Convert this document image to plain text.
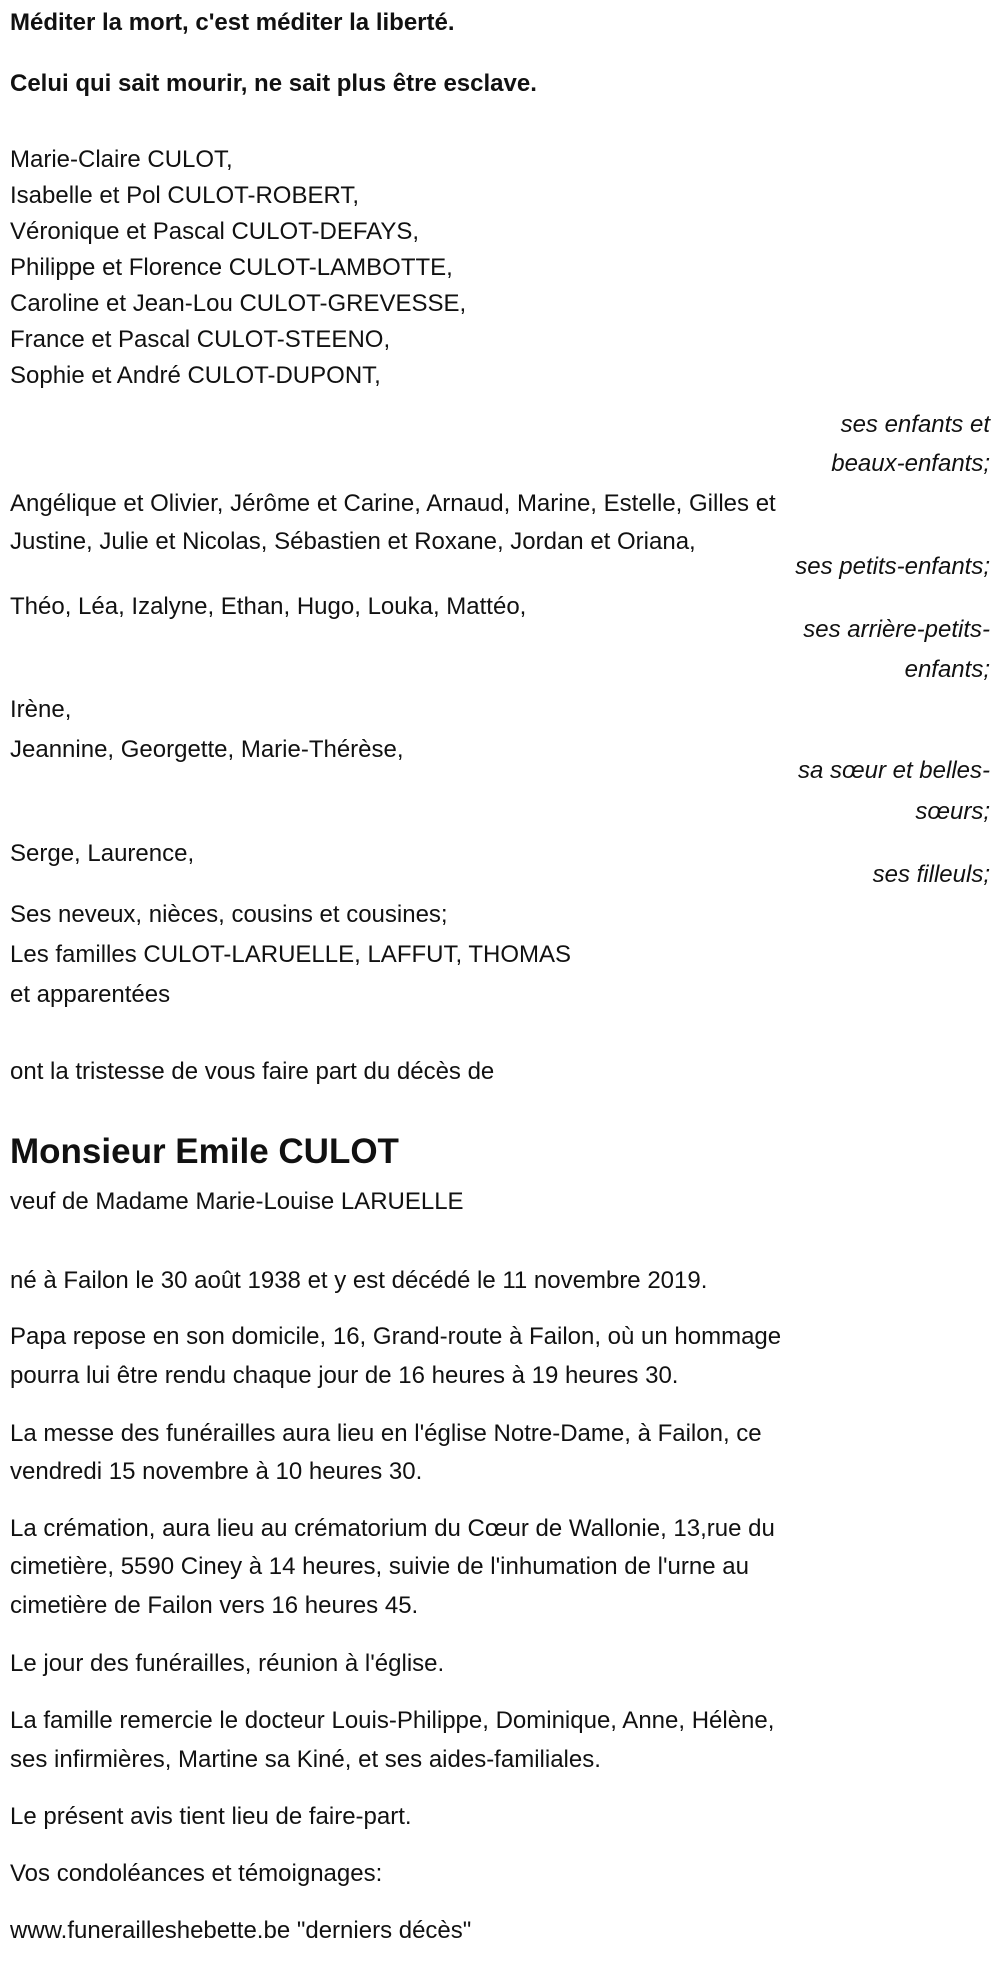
Méditer la mort, c'est méditer la liberté.
Celui qui sait mourir, ne sait plus être esclave.
Marie-Claire CULOT,
Isabelle et Pol CULOT-ROBERT,
Véronique et Pascal CULOT-DEFAYS,
Philippe et Florence CULOT-LAMBOTTE,
Caroline et Jean-Lou CULOT-GREVESSE,
France et Pascal CULOT-STEENO,
Sophie et André CULOT-DUPONT,
ses enfants et
beaux-enfants;
Angélique et Olivier, Jérôme et Carine, Arnaud, Marine, Estelle, Gilles et
Justine, Julie et Nicolas, Sébastien et Roxane, Jordan et Oriana,
ses petits-enfants;
Théo, Léa, Izalyne, Ethan, Hugo, Louka, Mattéo,
ses arrière-petits-
enfants;
Irène,
Jeannine, Georgette, Marie-Thérèse,
sa sœur et belles-
sœurs;
Serge, Laurence,
ses filleuls;
Ses neveux, nièces, cousins et cousines;
Les familles CULOT-LARUELLE, LAFFUT, THOMAS
et apparentées
ont la tristesse de vous faire part du décès de
Monsieur Emile CULOT
veuf de Madame Marie-Louise LARUELLE
né à Failon le 30 août 1938 et y est décédé le 11 novembre 2019.
Papa repose en son domicile, 16, Grand-route à Failon, où un hommage
pourra lui être rendu chaque jour de 16 heures à 19 heures 30.
La messe des funérailles aura lieu en l'église Notre-Dame, à Failon, ce
vendredi 15 novembre à 10 heures 30.
La crémation, aura lieu au crématorium du Cœur de Wallonie, 13,rue du
cimetière, 5590 Ciney à 14 heures, suivie de l'inhumation de l'urne au
cimetière de Failon vers 16 heures 45.
Le jour des funérailles, réunion à l'église.
La famille remercie le docteur Louis-Philippe, Dominique, Anne, Hélène,
ses infirmières, Martine sa Kiné, et ses aides-familiales.
Le présent avis tient lieu de faire-part.
Vos condoléances et témoignages:
www.funerailleshebette.be "derniers décès"
